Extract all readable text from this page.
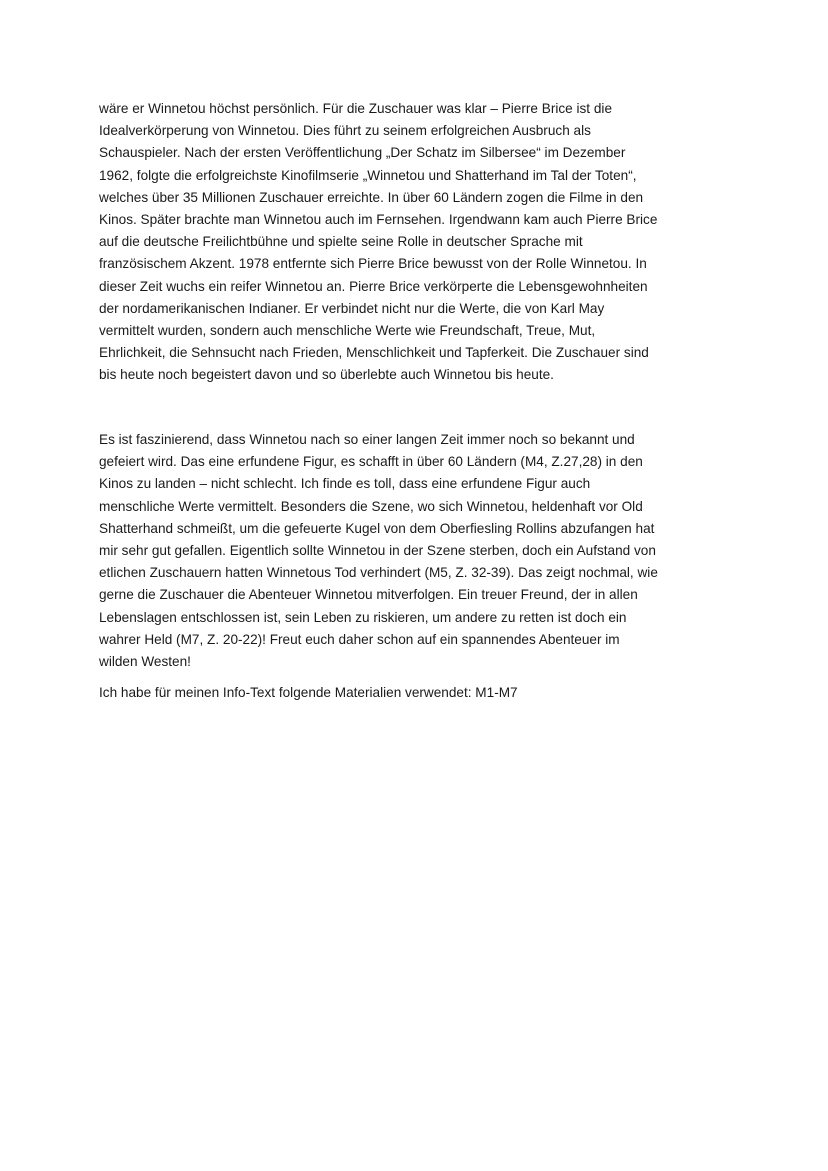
wäre er Winnetou höchst persönlich. Für die Zuschauer was klar – Pierre Brice ist die
Idealverkörperung von Winnetou. Dies führt zu seinem erfolgreichen Ausbruch als
Schauspieler. Nach der ersten Veröffentlichung „Der Schatz im Silbersee“ im Dezember
1962, folgte die erfolgreichste Kinofilmserie „Winnetou und Shatterhand im Tal der Toten“,
welches über 35 Millionen Zuschauer erreichte. In über 60 Ländern zogen die Filme in den
Kinos. Später brachte man Winnetou auch im Fernsehen. Irgendwann kam auch Pierre Brice
auf die deutsche Freilichtbühne und spielte seine Rolle in deutscher Sprache mit
französischem Akzent. 1978 entfernte sich Pierre Brice bewusst von der Rolle Winnetou. In
dieser Zeit wuchs ein reifer Winnetou an. Pierre Brice verkörperte die Lebensgewohnheiten
der nordamerikanischen Indianer. Er verbindet nicht nur die Werte, die von Karl May
vermittelt wurden, sondern auch menschliche Werte wie Freundschaft, Treue, Mut,
Ehrlichkeit, die Sehnsucht nach Frieden, Menschlichkeit und Tapferkeit. Die Zuschauer sind
bis heute noch begeistert davon und so überlebte auch Winnetou bis heute.
Es ist faszinierend, dass Winnetou nach so einer langen Zeit immer noch so bekannt und
gefeiert wird. Das eine erfundene Figur, es schafft in über 60 Ländern (M4, Z.27,28) in den
Kinos zu landen – nicht schlecht. Ich finde es toll, dass eine erfundene Figur auch
menschliche Werte vermittelt. Besonders die Szene, wo sich Winnetou, heldenhaft vor Old
Shatterhand schmeißt, um die gefeuerte Kugel von dem Oberfiesling Rollins abzufangen hat
mir sehr gut gefallen. Eigentlich sollte Winnetou in der Szene sterben, doch ein Aufstand von
etlichen Zuschauern hatten Winnetous Tod verhindert (M5, Z. 32-39). Das zeigt nochmal, wie
gerne die Zuschauer die Abenteuer Winnetou mitverfolgen. Ein treuer Freund, der in allen
Lebenslagen entschlossen ist, sein Leben zu riskieren, um andere zu retten ist doch ein
wahrer Held (M7, Z. 20-22)! Freut euch daher schon auf ein spannendes Abenteuer im
wilden Westen!
Ich habe für meinen Info-Text folgende Materialien verwendet: M1-M7
